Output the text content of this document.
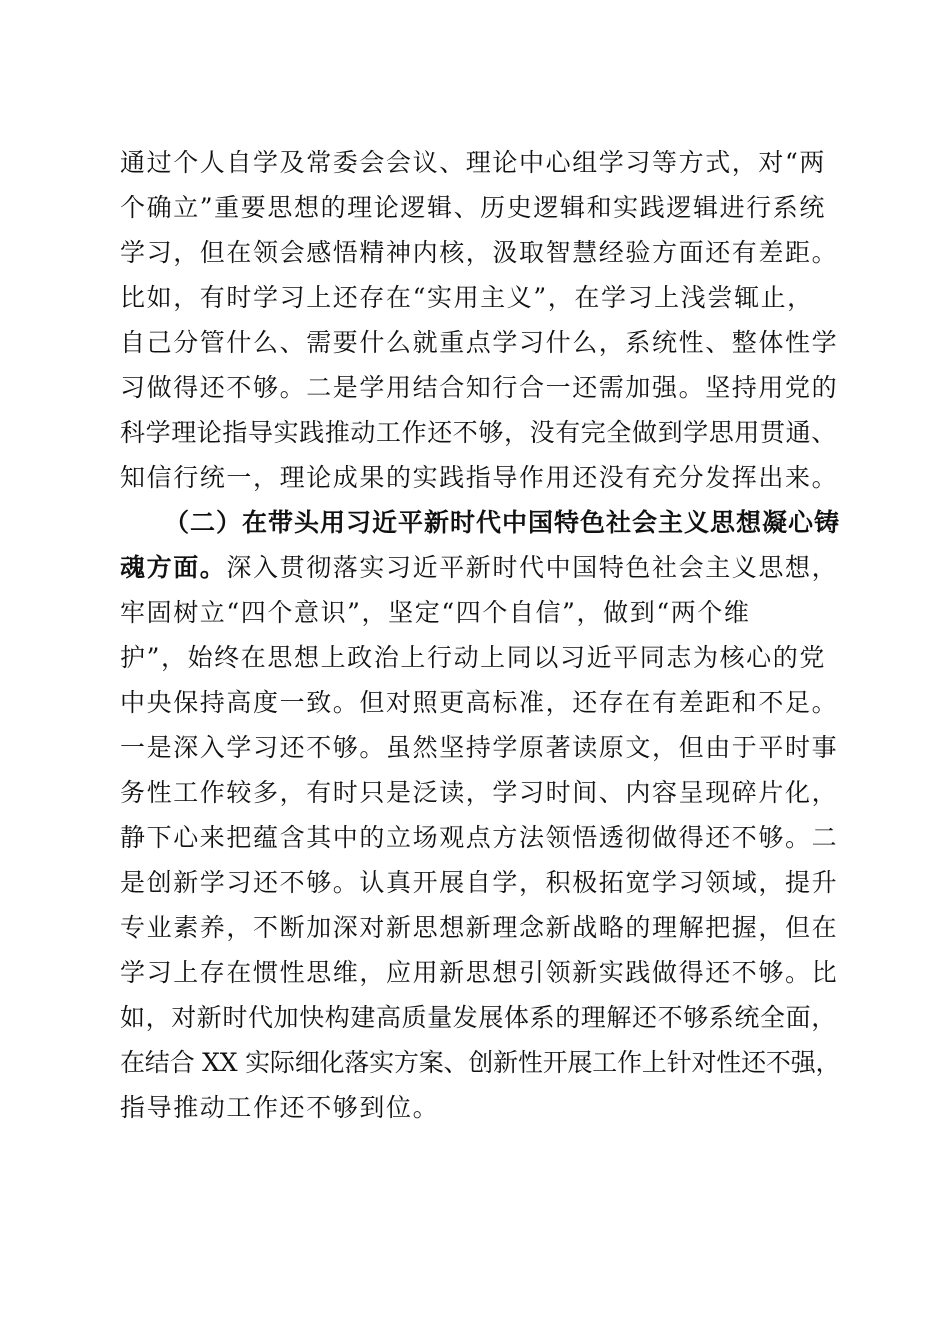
通过个人自学及常委会会议、理论中心组学习等方式，对“两
个确立”重要思想的理论逻辑、历史逻辑和实践逻辑进行系统
学习，但在领会感悟精神内核，汲取智慧经验方面还有差距。
比如，有时学习上还存在“实用主义”，在学习上浅尝辄止，
自己分管什么、需要什么就重点学习什么，系统性、整体性学
习做得还不够。二是学用结合知行合一还需加强。坚持用党的
科学理论指导实践推动工作还不够，没有完全做到学思用贯通、
知信行统一，理论成果的实践指导作用还没有充分发挥出来。
（二）在带头用习近平新时代中国特色社会主义思想凝心铸
魂方面。深入贯彻落实习近平新时代中国特色社会主义思想，
牢固树立“四个意识”，坚定“四个自信”，做到“两个维
护”，始终在思想上政治上行动上同以习近平同志为核心的党
中央保持高度一致。但对照更高标准，还存在有差距和不足。
一是深入学习还不够。虽然坚持学原著读原文，但由于平时事
务性工作较多，有时只是泛读，学习时间、内容呈现碎片化，
静下心来把蕴含其中的立场观点方法领悟透彻做得还不够。二
是创新学习还不够。认真开展自学，积极拓宽学习领域，提升
专业素养，不断加深对新思想新理念新战略的理解把握，但在
学习上存在惯性思维，应用新思想引领新实践做得还不够。比
如，对新时代加快构建高质量发展体系的理解还不够系统全面，
在结合 XX 实际细化落实方案、创新性开展工作上针对性还不强，
指导推动工作还不够到位。
